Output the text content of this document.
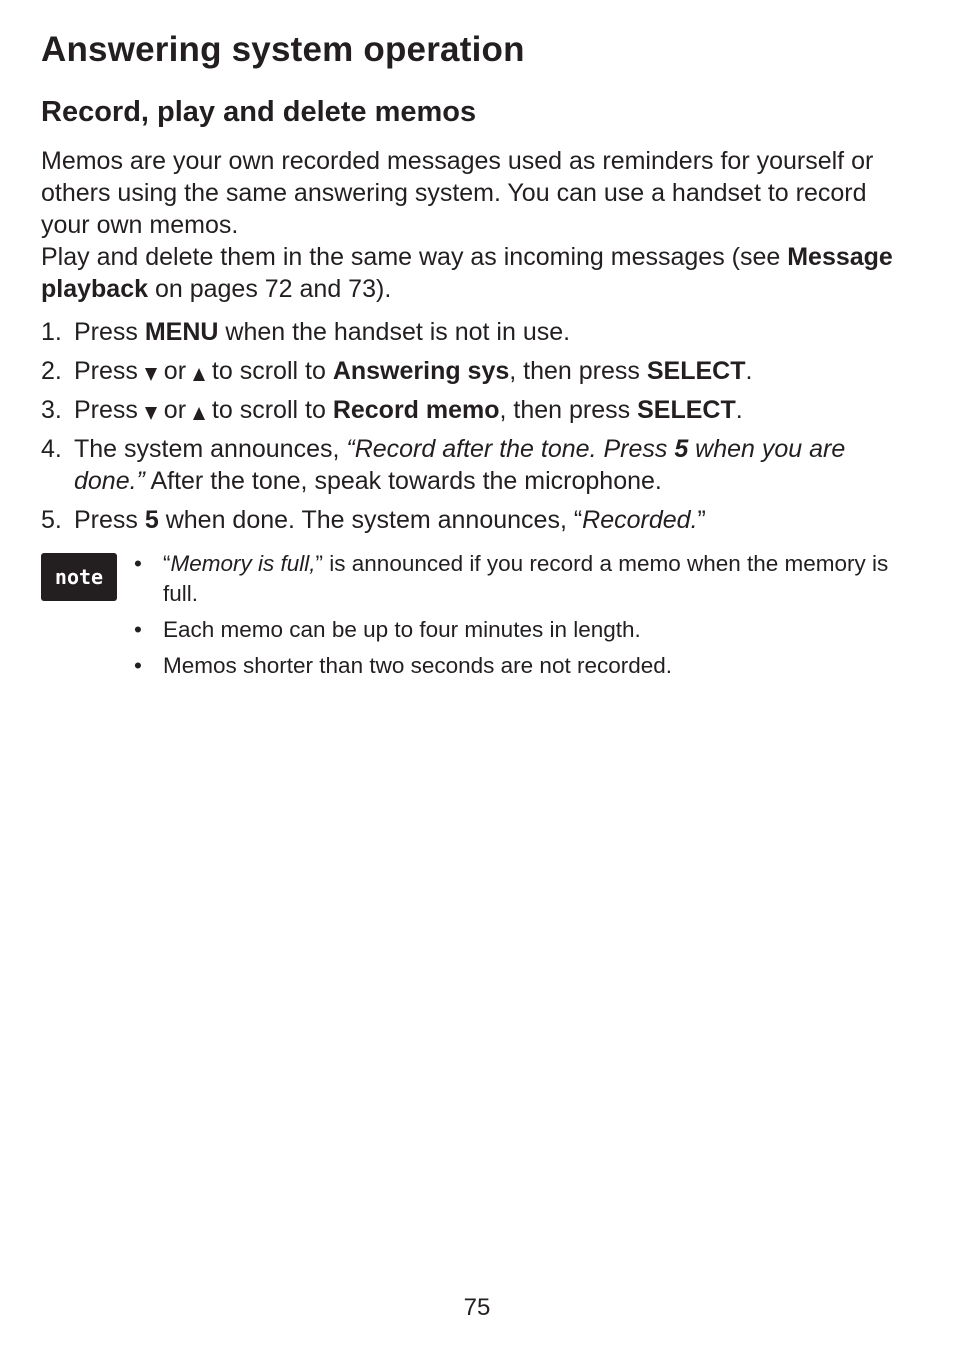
Answering system operation
Record, play and delete memos

Memos are your own recorded messages used as reminders for yourself or others using the same answering system. You can use a handset to record your own memos.

Play and delete them in the same way as incoming messages (see Message playback on pages 72 and 73).

1. Press MENU when the handset is not in use.
2. Press  or  to scroll to Answering sys, then press SELECT.
3. Press  or  to scroll to Record memo, then press SELECT.
4. The system announces, “Record after the tone. Press 5 when you are done.” After the tone, speak towards the microphone.
5. Press 5 when done. The system announces, “Recorded.”
note
• “Memory is full,” is announced if you record a memo when the memory is full.
• Each memo can be up to four minutes in length.
• Memos shorter than two seconds are not recorded.
75
